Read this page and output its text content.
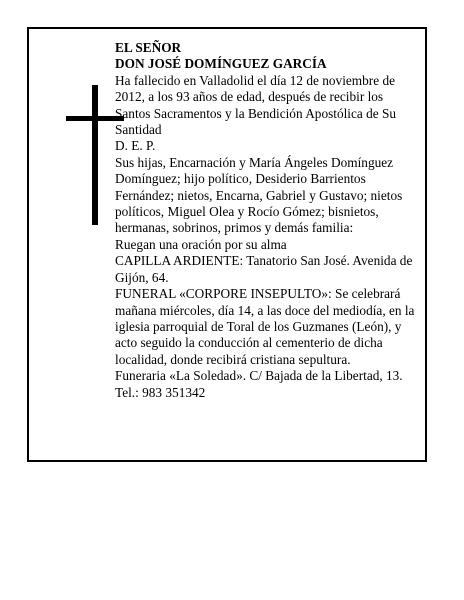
EL SEÑOR

DON JOSÉ DOMÍNGUEZ GARCÍA

Ha fallecido en Valladolid el día 12 de noviembre de 2012, a los 93 años de edad, después de recibir los Santos Sacramentos y la Bendición Apostólica de Su Santidad

D. E. P.

Sus hijas, Encarnación y María Ángeles Domínguez Domínguez; hijo político, Desiderio Barrientos Fernández; nietos, Encarna, Gabriel y Gustavo; nietos políticos, Miguel Olea y Rocío Gómez; bisnietos, hermanas, sobrinos, primos y demás familia:

Ruegan una oración por su alma

CAPILLA ARDIENTE: Tanatorio San José. Avenida de Gijón, 64.

FUNERAL «CORPORE INSEPULTO»: Se celebrará mañana miércoles, día 14, a las doce del mediodía, en la iglesia parroquial de Toral de los Guzmanes (León), y acto seguido la conducción al cementerio de dicha localidad, donde recibirá cristiana sepultura.

Funeraria «La Soledad». C/ Bajada de la Libertad, 13. Tel.: 983 351342
